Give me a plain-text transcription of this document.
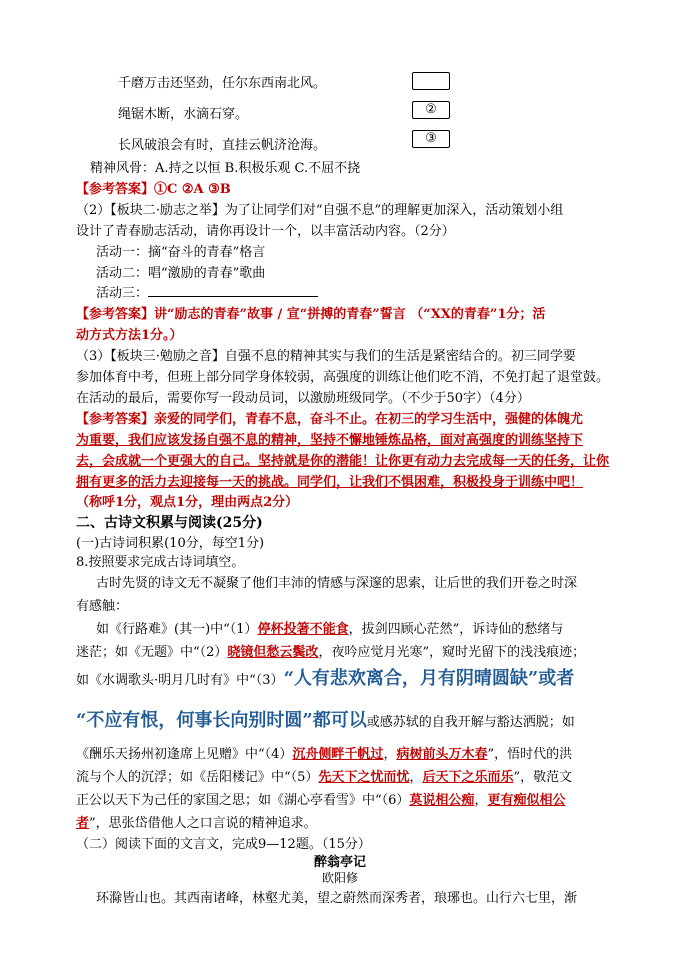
千磨万击还坚劲，任尔东西南北风。
绳锯木断，水滴石穿。	②
长风破浪会有时，直挂云帆济沧海。	③
精神风骨：A.持之以恒 B.积极乐观 C.不屈不挠
【参考答案】①C ②A ③B
（2）【板块二·励志之举】为了让同学们对“自强不息”的理解更加深入，活动策划小组
设计了青春励志活动，请你再设计一个，以丰富活动内容。（2分）
活动一：摘“奋斗的青春”格言
活动二：唱“激励的青春”歌曲
活动三：
【参考答案】讲“励志的青春”故事 / 宣“拼搏的青春”誓言 （“XX的青春”1分；活
动方式方法1分。）
（3）【板块三·勉励之音】自强不息的精神其实与我们的生活是紧密结合的。初三同学要
参加体育中考，但班上部分同学身体较弱，高强度的训练让他们吃不消，不免打起了退堂鼓。
在活动的最后，需要你写一段动员词，以激励班级同学。（不少于50字）（4分）
【参考答案】亲爱的同学们，青春不息，奋斗不止。在初三的学习生活中，强健的体魄尤
为重要，我们应该发扬自强不息的精神，坚持不懈地锤炼品格，面对高强度的训练坚持下
去，会成就一个更强大的自己。坚持就是你的潜能！让你更有动力去完成每一天的任务，让你
拥有更多的活力去迎接每一天的挑战。同学们，让我们不惧困难，积极投身于训练中吧！
（称呼1分，观点1分，理由两点2分）
二、古诗文积累与阅读(25分)
(一)古诗词积累(10分，每空1分)
8.按照要求完成古诗词填空。
古时先贤的诗文无不凝聚了他们丰沛的情感与深邃的思索，让后世的我们开卷之时深
有感触：
如《行路难》(其一)中“（1）停杯投箸不能食，拔剑四顾心茫然”，诉诗仙的愁绪与
迷茫；如《无题》中“（2）晓镜但愁云鬓改，夜吟应觉月光寒”，窥时光留下的浅浅痕迹；
如《水调歌头·明月几时有》中“（3）“人有悲欢离合，月有阴晴圆缺”或者
“不应有恨，何事长向别时圆”都可以或感苏轼的自我开解与豁达洒脱；如
《酬乐天扬州初逢席上见赠》中“（4）沉舟侧畔千帆过，病树前头万木春”，悟时代的洪
流与个人的沉浮；如《岳阳楼记》中“（5）先天下之忧而忧，后天下之乐而乐”，敬范文
正公以天下为己任的家国之思；如《湖心亭看雪》中“（6）莫说相公痴，更有痴似相公
者”，思张岱借他人之口言说的精神追求。
（二）阅读下面的文言文，完成9—12题。（15分）
醉翁亭记
欧阳修
环滁皆山也。其西南诸峰，林壑尤美，望之蔚然而深秀者，琅琊也。山行六七里，渐
